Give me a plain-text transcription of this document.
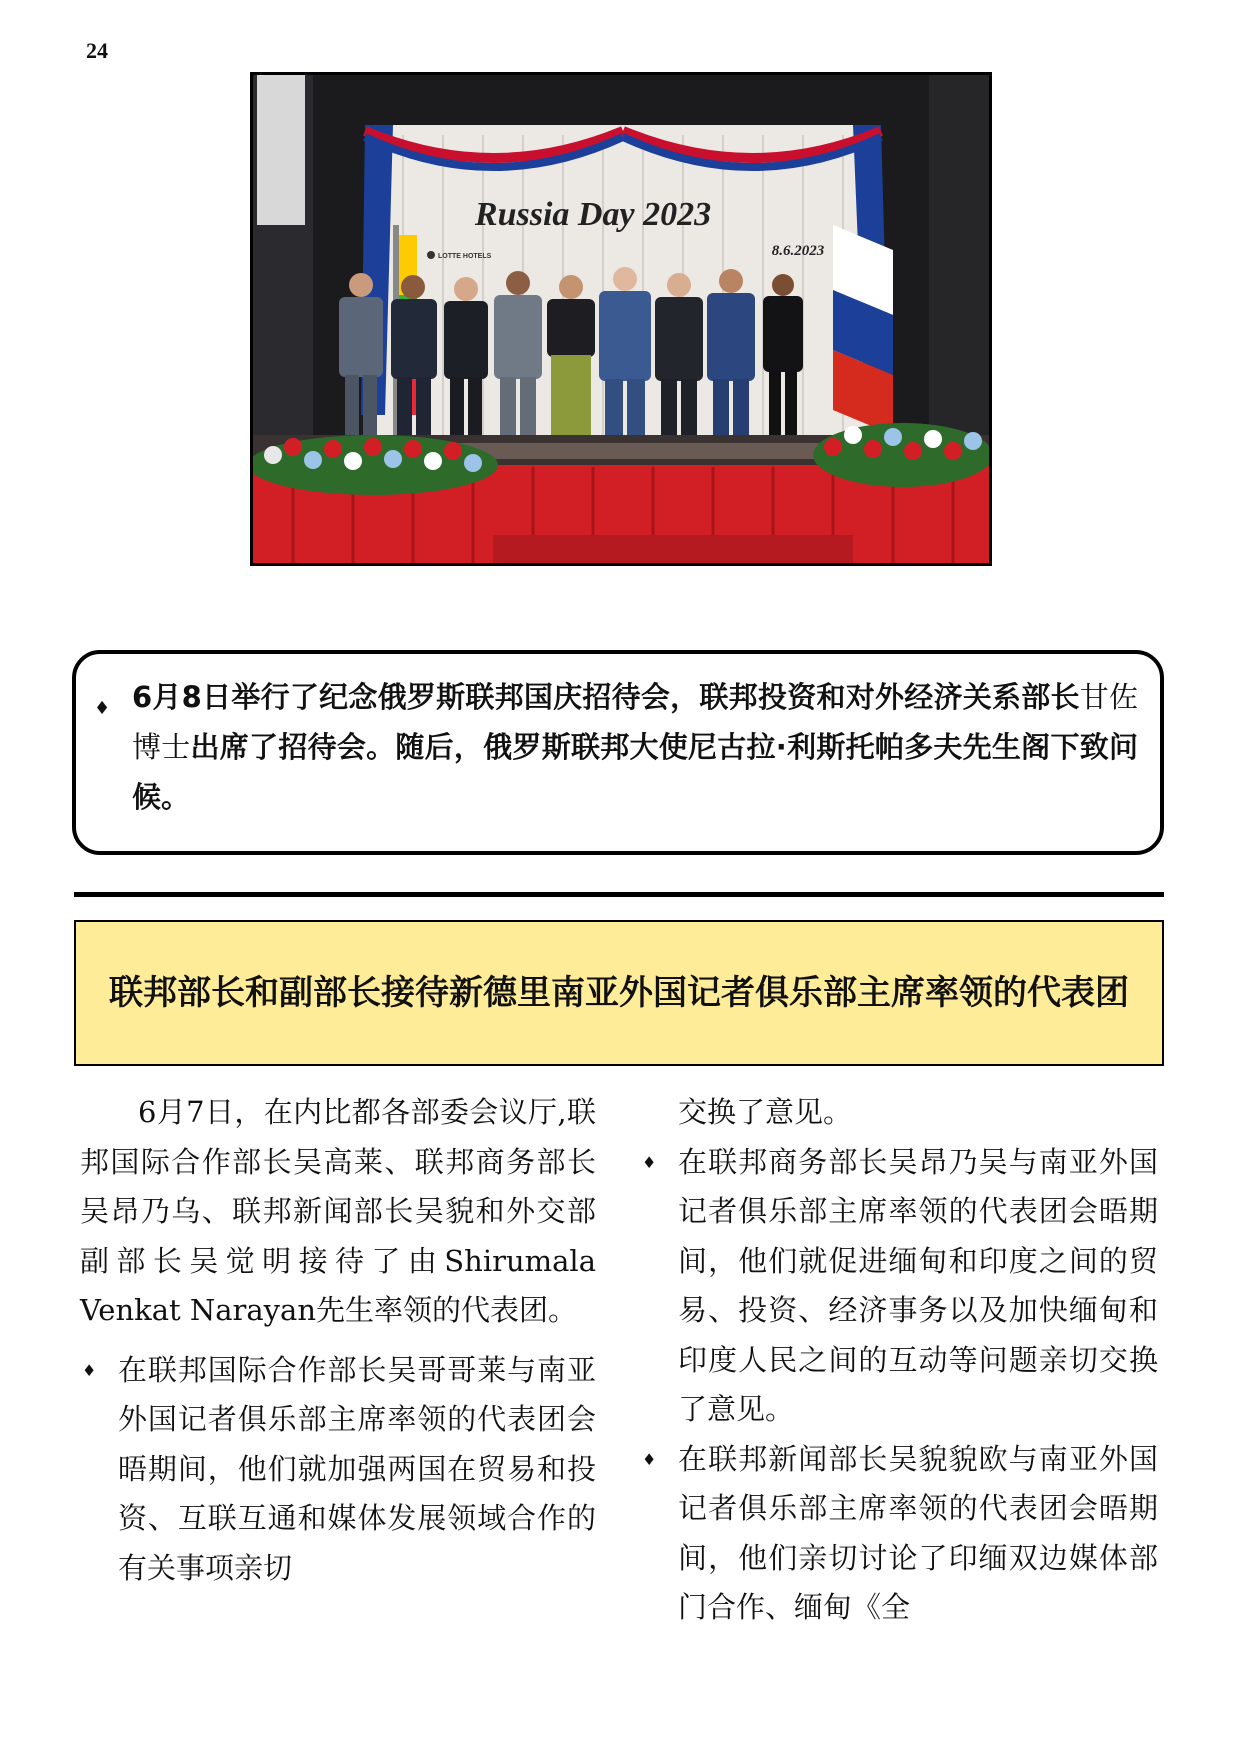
24
Russia Day 2023
8.6.2023
LOTTE HOTELS
♦ 6月8日举行了纪念俄罗斯联邦国庆招待会，联邦投资和对外经济关系部长甘佐博士出席了招待会。随后，俄罗斯联邦大使尼古拉·利斯托帕多夫先生阁下致问候。
联邦部长和副部长接待新德里南亚外国记者俱乐部主席率领的代表团

6月7日，在内比都各部委会议厅,联邦国际合作部长吴高莱、联邦商务部长吴昂乃乌、联邦新闻部长吴貌和外交部副部长吴觉明接待了由Shirumala Venkat Narayan先生率领的代表团。

♦ 在联邦国际合作部长吴哥哥莱与南亚外国记者俱乐部主席率领的代表团会晤期间，他们就加强两国在贸易和投资、互联互通和媒体发展领域合作的有关事项亲切

交换了意见。

♦ 在联邦商务部长吴昂乃吴与南亚外国记者俱乐部主席率领的代表团会晤期间，他们就促进缅甸和印度之间的贸易、投资、经济事务以及加快缅甸和印度人民之间的互动等问题亲切交换了意见。
♦ 在联邦新闻部长吴貌貌欧与南亚外国记者俱乐部主席率领的代表团会晤期间，他们亲切讨论了印缅双边媒体部门合作、缅甸《全
